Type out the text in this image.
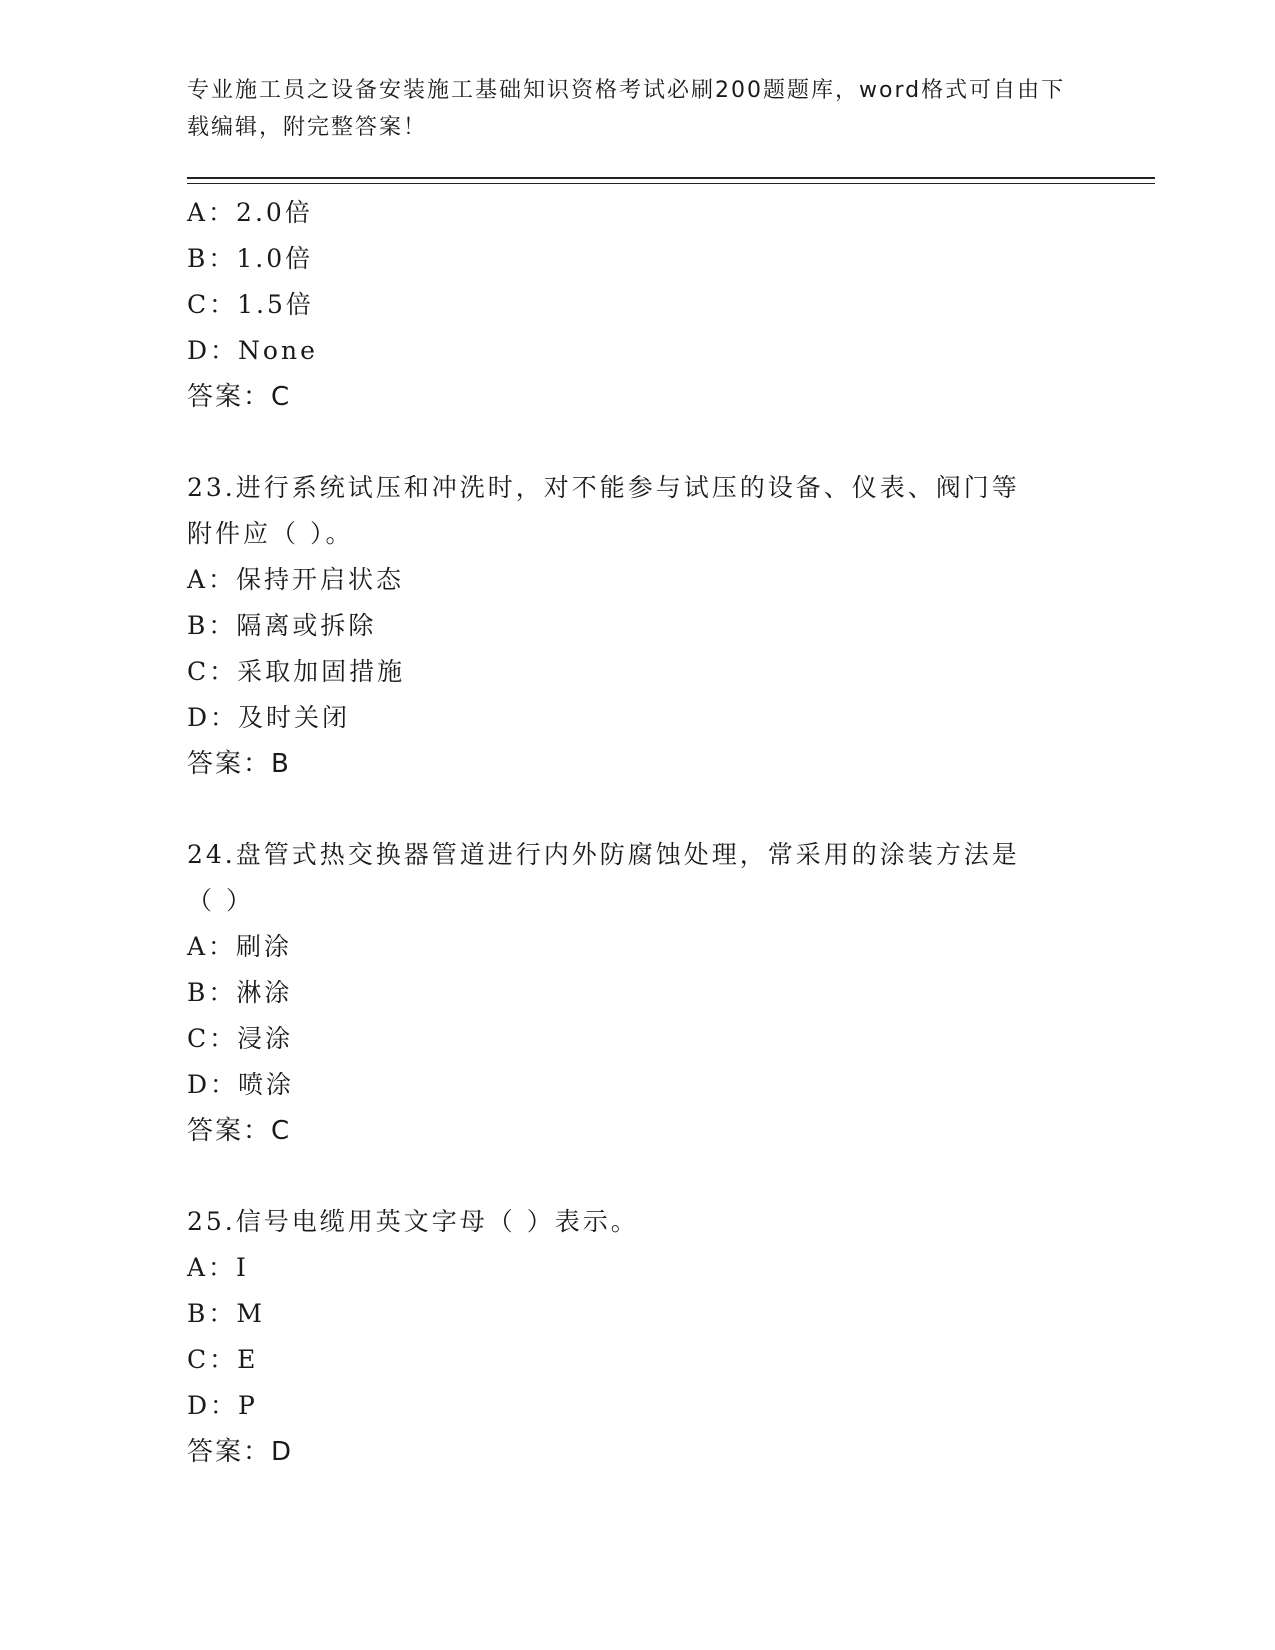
专业施工员之设备安装施工基础知识资格考试必刷200题题库，word格式可自由下载编辑，附完整答案！
A：2.0倍
B：1.0倍
C：1.5倍
D：None
答案：C
23.进行系统试压和冲洗时，对不能参与试压的设备、仪表、阀门等附件应（ ）。
A：保持开启状态
B：隔离或拆除
C：采取加固措施
D：及时关闭
答案：B
24.盘管式热交换器管道进行内外防腐蚀处理，常采用的涂装方法是（ ）
A：刷涂
B：淋涂
C：浸涂
D：喷涂
答案：C
25.信号电缆用英文字母（ ）表示。
A：I
B：M
C：E
D：P
答案：D
